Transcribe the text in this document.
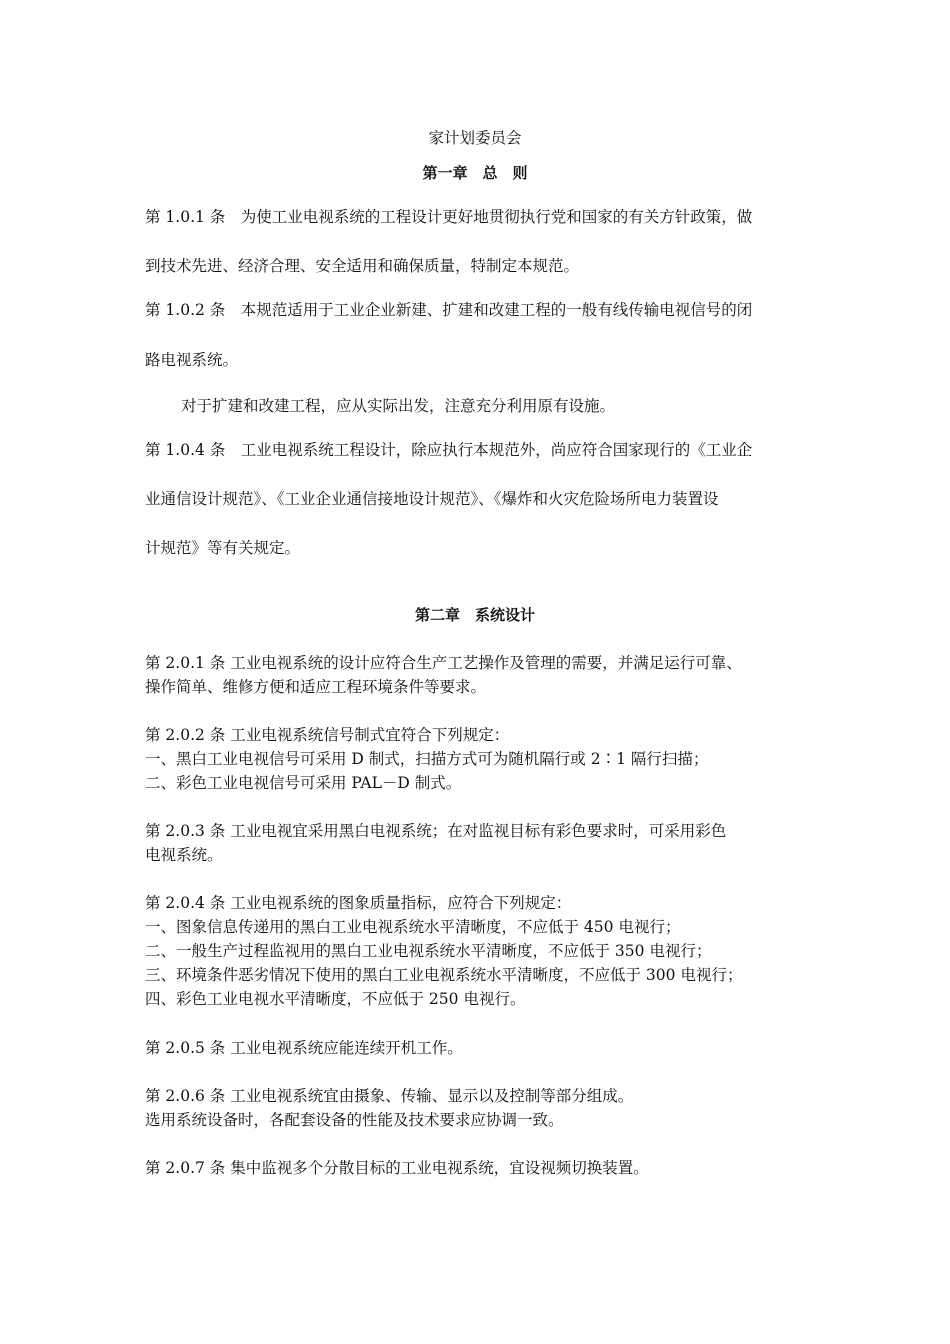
家计划委员会
第一章　总　则
第 1.0.1 条　为使工业电视系统的工程设计更好地贯彻执行党和国家的有关方针政策，做
到技术先进、经济合理、安全适用和确保质量，特制定本规范。
第 1.0.2 条　本规范适用于工业企业新建、扩建和改建工程的一般有线传输电视信号的闭
路电视系统。
对于扩建和改建工程，应从实际出发，注意充分利用原有设施。
第 1.0.4 条　工业电视系统工程设计，除应执行本规范外，尚应符合国家现行的《工业企
业通信设计规范》、《工业企业通信接地设计规范》、《爆炸和火灾危险场所电力装置设
计规范》等有关规定。
第二章　系统设计
第 2.0.1 条 工业电视系统的设计应符合生产工艺操作及管理的需要，并满足运行可靠、
操作简单、维修方便和适应工程环境条件等要求。
第 2.0.2 条 工业电视系统信号制式宜符合下列规定：
一、黑白工业电视信号可采用 D 制式，扫描方式可为随机隔行或 2∶1 隔行扫描；
二、彩色工业电视信号可采用 PAL－D 制式。
第 2.0.3 条 工业电视宜采用黑白电视系统；在对监视目标有彩色要求时，可采用彩色
电视系统。
第 2.0.4 条 工业电视系统的图象质量指标，应符合下列规定：
一、图象信息传递用的黑白工业电视系统水平清晰度，不应低于 450 电视行；
二、一般生产过程监视用的黑白工业电视系统水平清晰度，不应低于 350 电视行；
三、环境条件恶劣情况下使用的黑白工业电视系统水平清晰度，不应低于 300 电视行；
四、彩色工业电视水平清晰度，不应低于 250 电视行。
第 2.0.5 条 工业电视系统应能连续开机工作。
第 2.0.6 条 工业电视系统宜由摄象、传输、显示以及控制等部分组成。
选用系统设备时，各配套设备的性能及技术要求应协调一致。
第 2.0.7 条 集中监视多个分散目标的工业电视系统，宜设视频切换装置。
